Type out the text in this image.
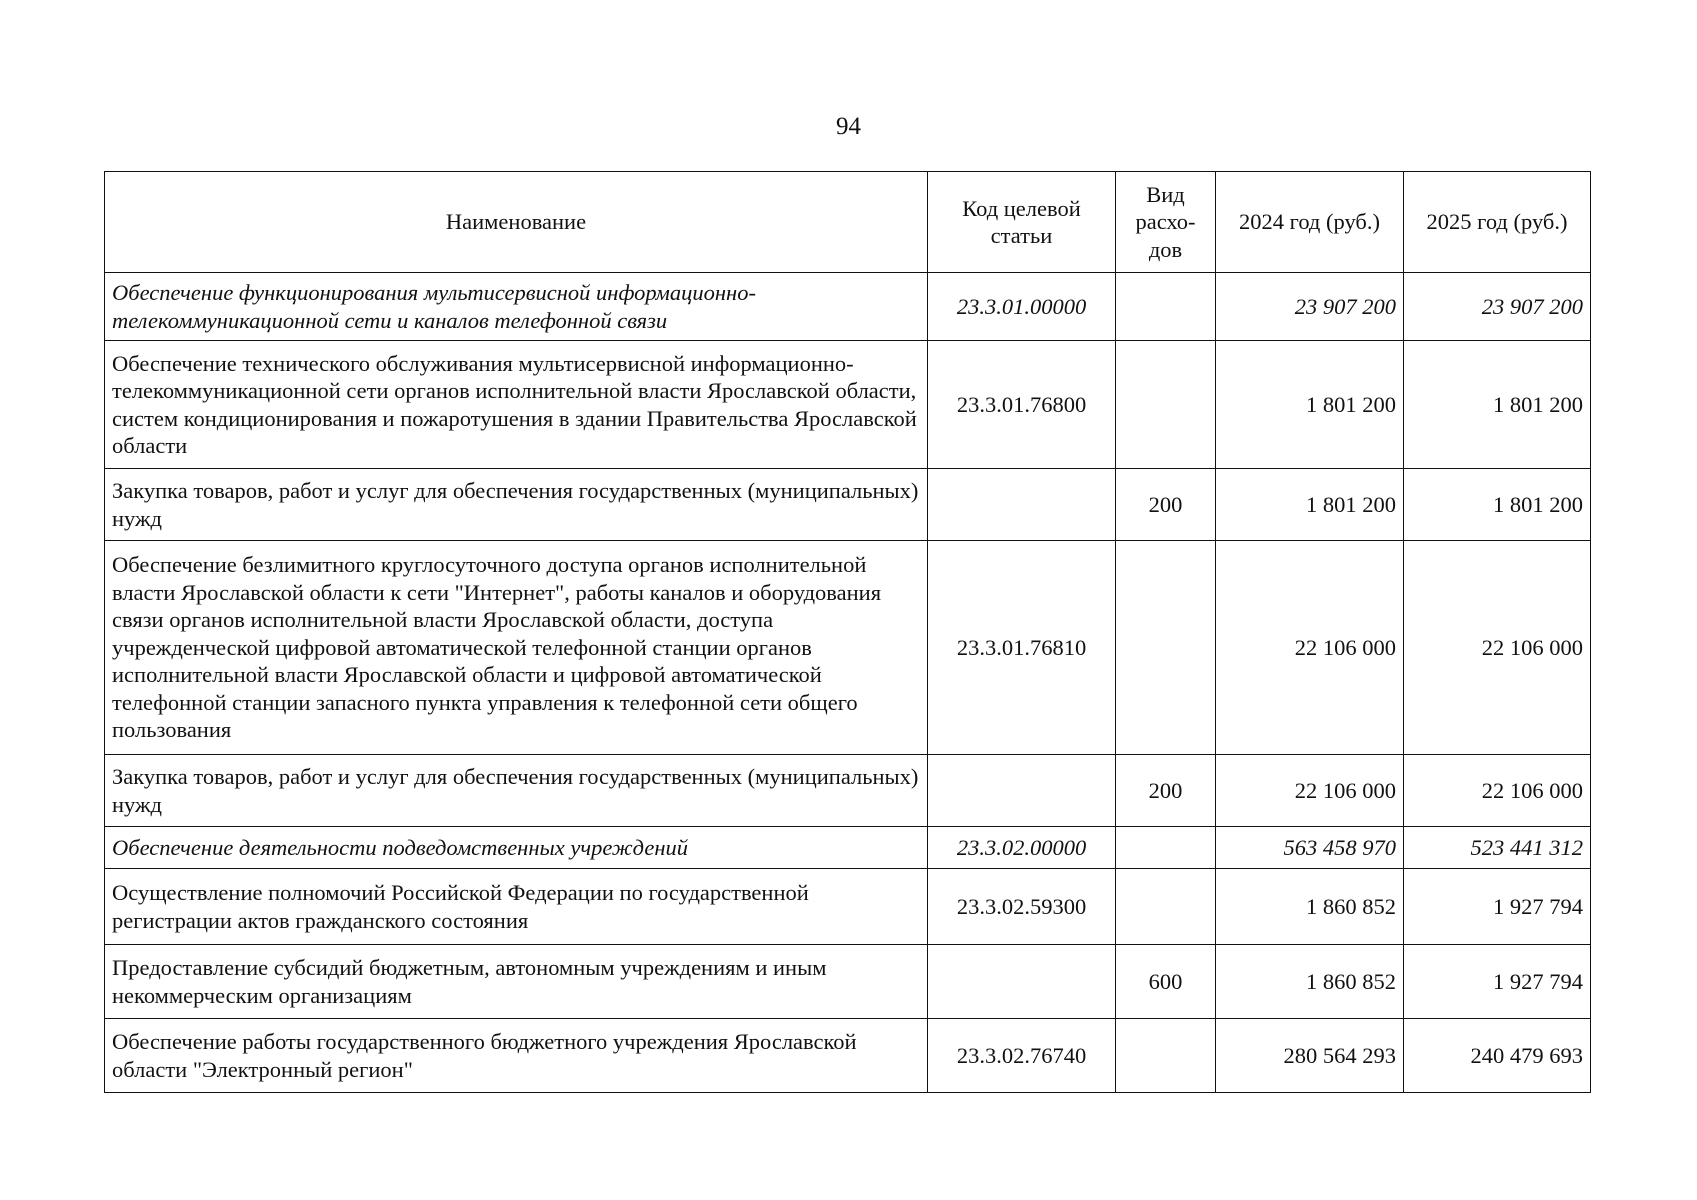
94
Наименование	Код целевой статьи	Вид расхо-дов	2024 год (руб.)	2025 год (руб.)
Обеспечение функционирования мультисервисной информационно-телекоммуникационной сети и каналов телефонной связи	23.3.01.00000		23 907 200	23 907 200
Обеспечение технического обслуживания мультисервисной информационно-телекоммуникационной сети органов исполнительной власти Ярославской области, систем кондиционирования и пожаротушения в здании Правительства Ярославской области	23.3.01.76800		1 801 200	1 801 200
Закупка товаров, работ и услуг для обеспечения государственных (муниципальных) нужд		200	1 801 200	1 801 200
Обеспечение безлимитного круглосуточного доступа органов исполнительной власти Ярославской области к сети "Интернет", работы каналов и оборудования связи органов исполнительной власти Ярославской области, доступа учрежденческой цифровой автоматической телефонной станции органов исполнительной власти Ярославской области и цифровой автоматической телефонной станции запасного пункта управления к телефонной сети общего пользования	23.3.01.76810		22 106 000	22 106 000
Закупка товаров, работ и услуг для обеспечения государственных (муниципальных) нужд		200	22 106 000	22 106 000
Обеспечение деятельности подведомственных учреждений	23.3.02.00000		563 458 970	523 441 312
Осуществление полномочий Российской Федерации по государственной регистрации актов гражданского состояния	23.3.02.59300		1 860 852	1 927 794
Предоставление субсидий бюджетным, автономным учреждениям и иным некоммерческим организациям		600	1 860 852	1 927 794
Обеспечение работы государственного бюджетного учреждения Ярославской области "Электронный регион"	23.3.02.76740		280 564 293	240 479 693
